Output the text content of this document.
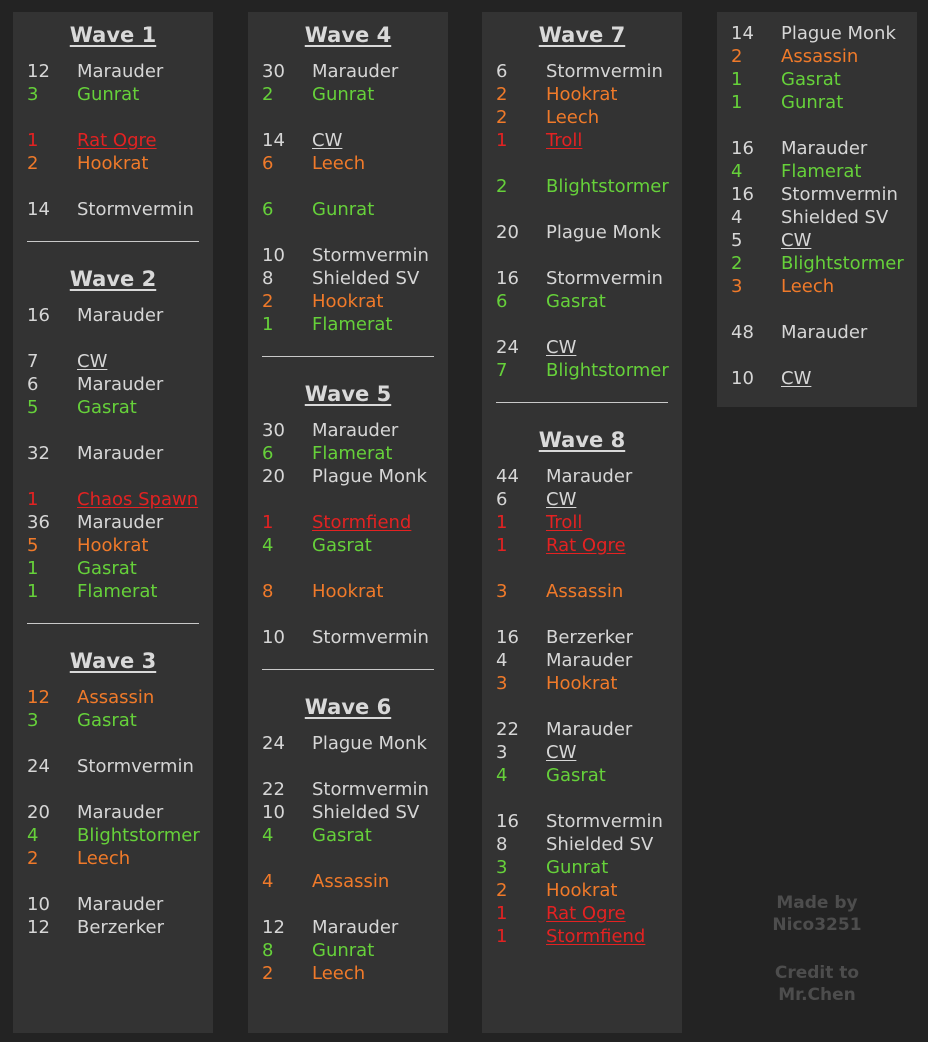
Wave 1
12 Marauder
3 Gunrat
1 Rat Ogre
2 Hookrat
14 Stormvermin
Wave 2
16 Marauder
7 CW
6 Marauder
5 Gasrat
32 Marauder
1 Chaos Spawn
36 Marauder
5 Hookrat
1 Gasrat
1 Flamerat
Wave 3
12 Assassin
3 Gasrat
24 Stormvermin
20 Marauder
4 Blightstormer
2 Leech
10 Marauder
12 Berzerker
Wave 4
30 Marauder
2 Gunrat
14 CW
6 Leech
6 Gunrat
10 Stormvermin
8 Shielded SV
2 Hookrat
1 Flamerat
Wave 5
30 Marauder
6 Flamerat
20 Plague Monk
1 Stormfiend
4 Gasrat
8 Hookrat
10 Stormvermin
Wave 6
24 Plague Monk
22 Stormvermin
10 Shielded SV
4 Gasrat
4 Assassin
12 Marauder
8 Gunrat
2 Leech
Wave 7
6 Stormvermin
2 Hookrat
2 Leech
1 Troll
2 Blightstormer
20 Plague Monk
16 Stormvermin
6 Gasrat
24 CW
7 Blightstormer
Wave 8
44 Marauder
6 CW
1 Troll
1 Rat Ogre
3 Assassin
16 Berzerker
4 Marauder
3 Hookrat
22 Marauder
3 CW
4 Gasrat
16 Stormvermin
8 Shielded SV
3 Gunrat
2 Hookrat
1 Rat Ogre
1 Stormfiend
14 Plague Monk
2 Assassin
1 Gasrat
1 Gunrat
16 Marauder
4 Flamerat
16 Stormvermin
4 Shielded SV
5 CW
2 Blightstormer
3 Leech
48 Marauder
10 CW
Made by
Nico3251
Credit to
Mr.Chen
